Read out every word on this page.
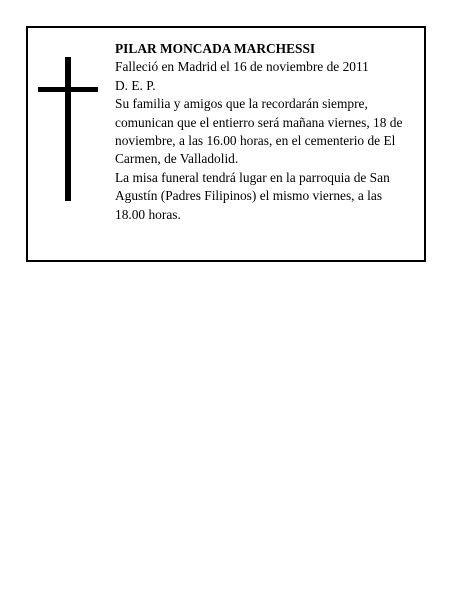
PILAR MONCADA MARCHESSI

Falleció en Madrid el 16 de noviembre de 2011

D. E. P.

Su familia y amigos que la recordarán siempre, comunican que el entierro será mañana viernes, 18 de noviembre, a las 16.00 horas, en el cementerio de El Carmen, de Valladolid.

La misa funeral tendrá lugar en la parroquia de San Agustín (Padres Filipinos) el mismo viernes, a las 18.00 horas.
